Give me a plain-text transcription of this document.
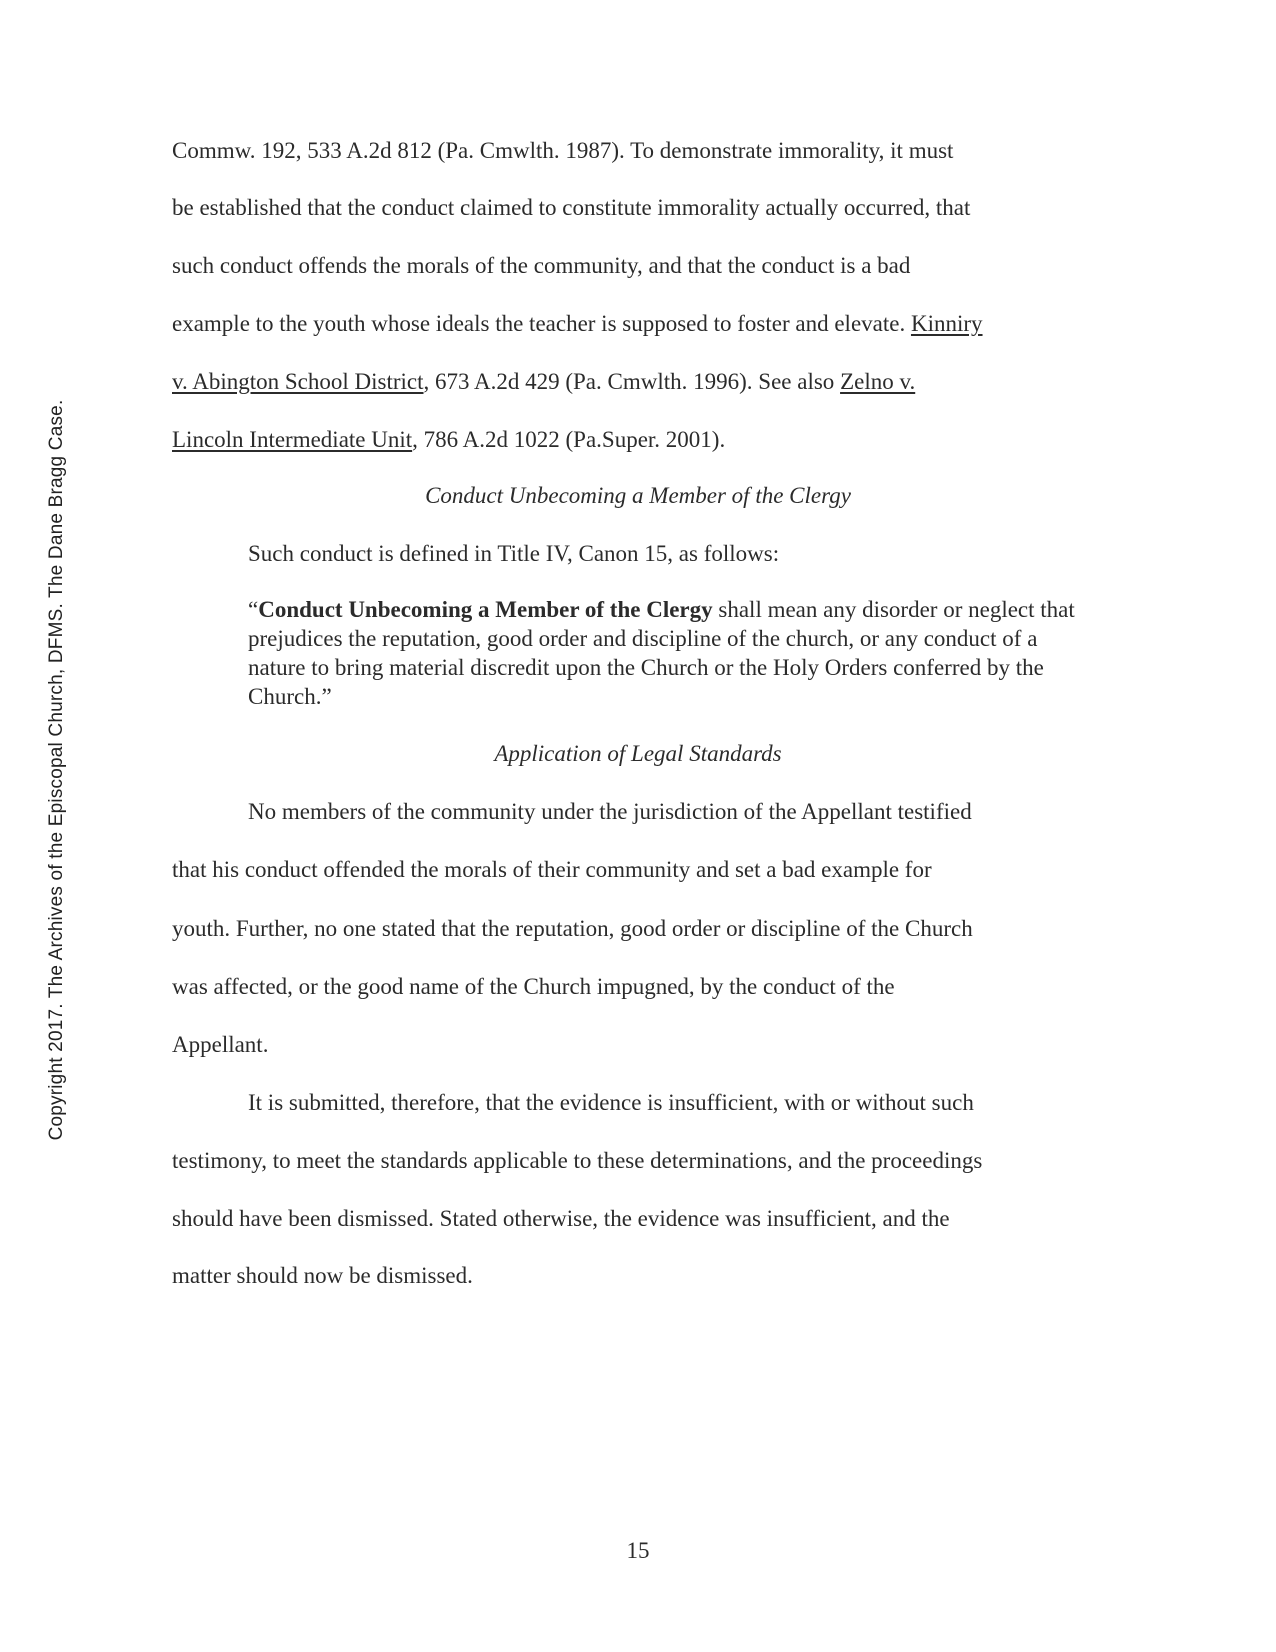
Copyright 2017. The Archives of the Episcopal Church, DFMS. The Dane Bragg Case.
Commw. 192, 533 A.2d 812 (Pa. Cmwlth. 1987). To demonstrate immorality, it must
be established that the conduct claimed to constitute immorality actually occurred, that
such conduct offends the morals of the community, and that the conduct is a bad
example to the youth whose ideals the teacher is supposed to foster and elevate. Kinniry
v. Abington School District, 673 A.2d 429 (Pa. Cmwlth. 1996). See also Zelno v.
Lincoln Intermediate Unit, 786 A.2d 1022 (Pa.Super. 2001).
Conduct Unbecoming a Member of the Clergy
Such conduct is defined in Title IV, Canon 15, as follows:
“Conduct Unbecoming a Member of the Clergy shall mean any disorder or neglect that prejudices the reputation, good order and discipline of the church, or any conduct of a nature to bring material discredit upon the Church or the Holy Orders conferred by the Church.”
Application of Legal Standards
No members of the community under the jurisdiction of the Appellant testified
that his conduct offended the morals of their community and set a bad example for
youth. Further, no one stated that the reputation, good order or discipline of the Church
was affected, or the good name of the Church impugned, by the conduct of the
Appellant.
It is submitted, therefore, that the evidence is insufficient, with or without such
testimony, to meet the standards applicable to these determinations, and the proceedings
should have been dismissed. Stated otherwise, the evidence was insufficient, and the
matter should now be dismissed.
15
